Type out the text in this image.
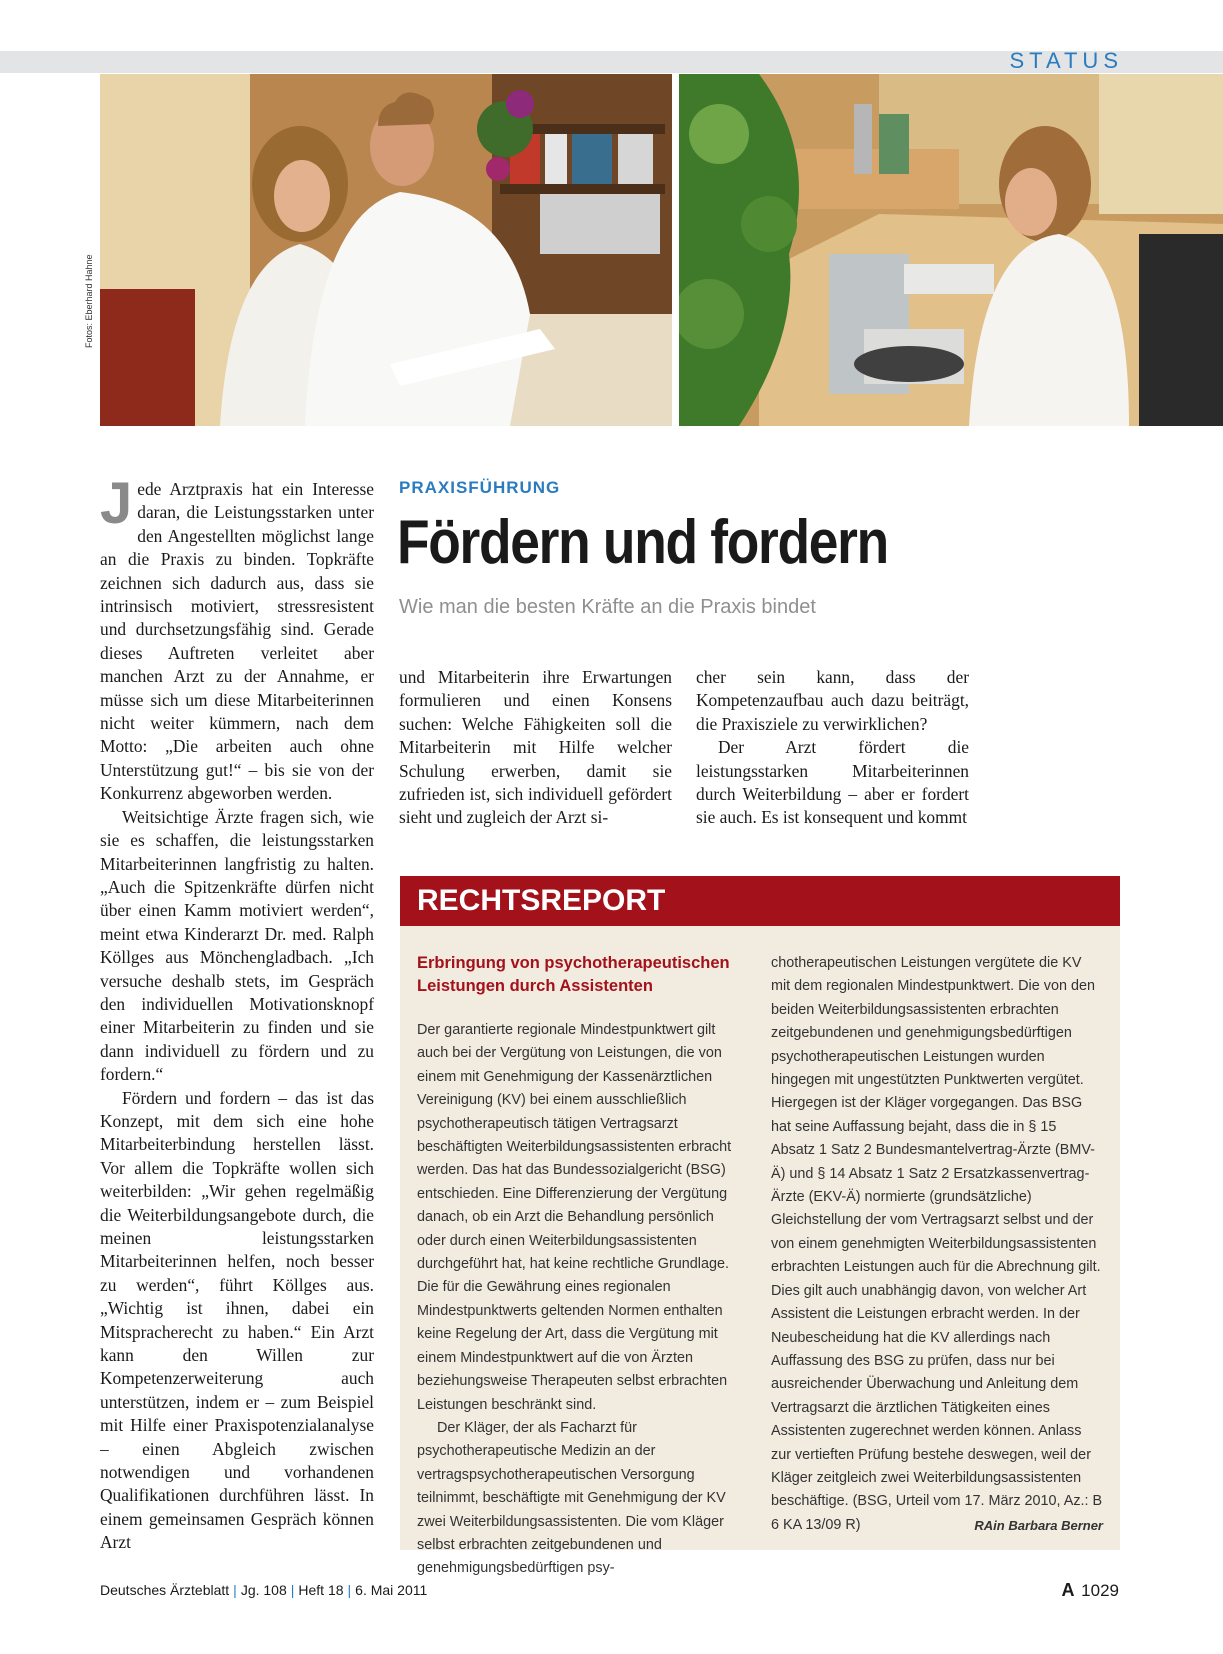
STATUS
Fotos: Eberhard Hahne

Jede Arztpraxis hat ein Interesse daran, die Leistungsstarken unter den Angestellten möglichst lange an die Praxis zu binden. Topkräfte zeichnen sich dadurch aus, dass sie intrinsisch motiviert, stressresistent und durchsetzungsfähig sind. Gerade dieses Auftreten verleitet aber manchen Arzt zu der Annahme, er müsse sich um diese Mitarbeiterinnen nicht weiter kümmern, nach dem Motto: „Die arbeiten auch ohne Unterstützung gut!“ – bis sie von der Konkurrenz abgeworben werden.

Weitsichtige Ärzte fragen sich, wie sie es schaffen, die leistungsstarken Mitarbeiterinnen langfristig zu halten. „Auch die Spitzenkräfte dürfen nicht über einen Kamm motiviert werden“, meint etwa Kinderarzt Dr. med. Ralph Köllges aus Mönchengladbach. „Ich versuche deshalb stets, im Gespräch den individuellen Motivationsknopf einer Mitarbeiterin zu finden und sie dann individuell zu fördern und zu fordern.“

Fördern und fordern – das ist das Konzept, mit dem sich eine hohe Mitarbeiterbindung herstellen lässt. Vor allem die Topkräfte wollen sich weiterbilden: „Wir gehen regelmäßig die Weiterbildungsangebote durch, die meinen leistungsstarken Mitarbeiterinnen helfen, noch besser zu werden“, führt Köllges aus. „Wichtig ist ihnen, dabei ein Mitspracherecht zu haben.“ Ein Arzt kann den Willen zur Kompetenzerweiterung auch unterstützen, indem er – zum Beispiel mit Hilfe einer Praxispotenzialanalyse – einen Abgleich zwischen notwendigen und vorhandenen Qualifikationen durchführen lässt. In einem gemeinsamen Gespräch können Arzt

PRAXISFÜHRUNG
Fördern und fordern
Wie man die besten Kräfte an die Praxis bindet

und Mitarbeiterin ihre Erwartungen formulieren und einen Konsens suchen: Welche Fähigkeiten soll die Mitarbeiterin mit Hilfe welcher Schulung erwerben, damit sie zufrieden ist, sich individuell gefördert sieht und zugleich der Arzt si-

cher sein kann, dass der Kompetenzaufbau auch dazu beiträgt, die Praxisziele zu verwirklichen?

Der Arzt fördert die leistungsstarken Mitarbeiterinnen durch Weiterbildung – aber er fordert sie auch. Es ist konsequent und kommt

RECHTSREPORT

Erbringung von psychotherapeutischen Leistungen durch Assistenten

Der garantierte regionale Mindestpunktwert gilt auch bei der Vergütung von Leistungen, die von einem mit Genehmigung der Kassenärztlichen Vereinigung (KV) bei einem ausschließlich psychotherapeutisch tätigen Vertragsarzt beschäftigten Weiterbildungsassistenten erbracht werden. Das hat das Bundessozialgericht (BSG) entschieden. Eine Differenzierung der Vergütung danach, ob ein Arzt die Behandlung persönlich oder durch einen Weiterbildungsassistenten durchgeführt hat, hat keine rechtliche Grundlage. Die für die Gewährung eines regionalen Mindestpunktwerts geltenden Normen enthalten keine Regelung der Art, dass die Vergütung mit einem Mindestpunktwert auf die von Ärzten beziehungsweise Therapeuten selbst erbrachten Leistungen beschränkt sind.

Der Kläger, der als Facharzt für psychotherapeutische Medizin an der vertragspsychotherapeutischen Versorgung teilnimmt, beschäftigte mit Genehmigung der KV zwei Weiterbildungsassistenten. Die vom Kläger selbst erbrachten zeitgebundenen und genehmigungsbedürftigen psy-

chotherapeutischen Leistungen vergütete die KV mit dem regionalen Mindestpunktwert. Die von den beiden Weiterbildungsassistenten erbrachten zeitgebundenen und genehmigungsbedürftigen psychotherapeutischen Leistungen wurden hingegen mit ungestützten Punktwerten vergütet. Hiergegen ist der Kläger vorgegangen. Das BSG hat seine Auffassung bejaht, dass die in § 15 Absatz 1 Satz 2 Bundesmantelvertrag-Ärzte (BMV-Ä) und § 14 Absatz 1 Satz 2 Ersatzkassenvertrag-Ärzte (EKV-Ä) normierte (grundsätzliche) Gleichstellung der vom Vertragsarzt selbst und der von einem genehmigten Weiterbildungsassistenten erbrachten Leistungen auch für die Abrechnung gilt. Dies gilt auch unabhängig davon, von welcher Art Assistent die Leistungen erbracht werden. In der Neubescheidung hat die KV allerdings nach Auffassung des BSG zu prüfen, dass nur bei ausreichender Überwachung und Anleitung dem Vertragsarzt die ärztlichen Tätigkeiten eines Assistenten zugerechnet werden können. Anlass zur vertieften Prüfung bestehe deswegen, weil der Kläger zeitgleich zwei Weiterbildungsassistenten beschäftige. (BSG, Urteil vom 17. März 2010, Az.: B 6 KA 13/09 R)	RAin Barbara Berner

Deutsches Ärzteblatt | Jg. 108 | Heft 18 | 6. Mai 2011	A 1029
